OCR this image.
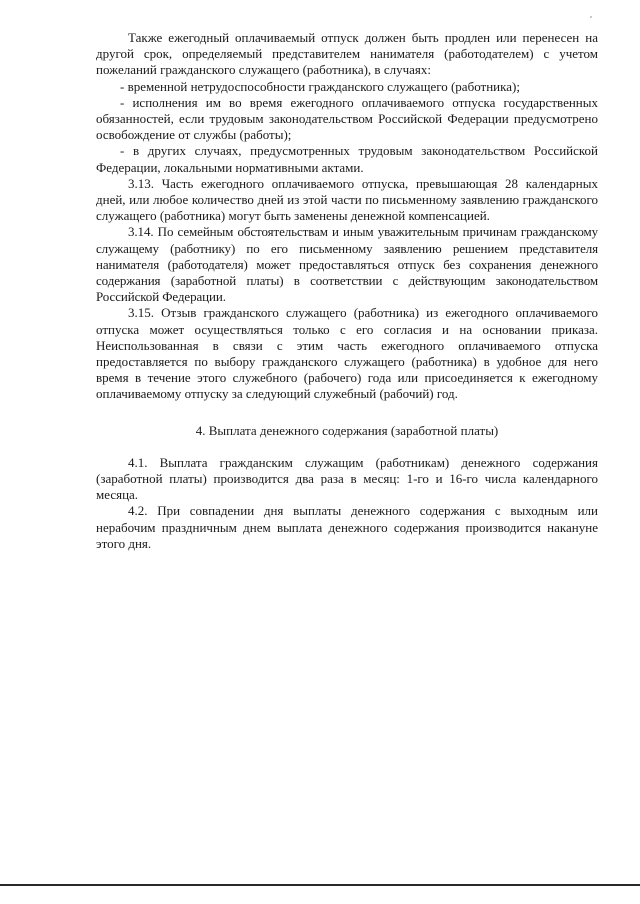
Также ежегодный оплачиваемый отпуск должен быть продлен или перенесен на другой срок, определяемый представителем нанимателя (работодателем) с учетом пожеланий гражданского служащего (работника), в случаях:

- временной нетрудоспособности гражданского служащего (работника);

- исполнения им во время ежегодного оплачиваемого отпуска государственных обязанностей, если трудовым законодательством Российской Федерации предусмотрено освобождение от службы (работы);

- в других случаях, предусмотренных трудовым законодательством Российской Федерации, локальными нормативными актами.

3.13. Часть ежегодного оплачиваемого отпуска, превышающая 28 календарных дней, или любое количество дней из этой части по письменному заявлению гражданского служащего (работника) могут быть заменены денежной компенсацией.

3.14. По семейным обстоятельствам и иным уважительным причинам гражданскому служащему (работнику) по его письменному заявлению решением представителя нанимателя (работодателя) может предоставляться отпуск без сохранения денежного содержания (заработной платы) в соответствии с действующим законодательством Российской Федерации.

3.15. Отзыв гражданского служащего (работника) из ежегодного оплачиваемого отпуска может осуществляться только с его согласия и на основании приказа. Неиспользованная в связи с этим часть ежегодного оплачиваемого отпуска предоставляется по выбору гражданского служащего (работника) в удобное для него время в течение этого служебного (рабочего) года или присоединяется к ежегодному оплачиваемому отпуску за следующий служебный (рабочий) год.

4. Выплата денежного содержания (заработной платы)

4.1. Выплата гражданским служащим (работникам) денежного содержания (заработной платы) производится два раза в месяц: 1-го и 16-го числа календарного месяца.

4.2. При совпадении дня выплаты денежного содержания с выходным или нерабочим праздничным днем выплата денежного содержания производится накануне этого дня.
